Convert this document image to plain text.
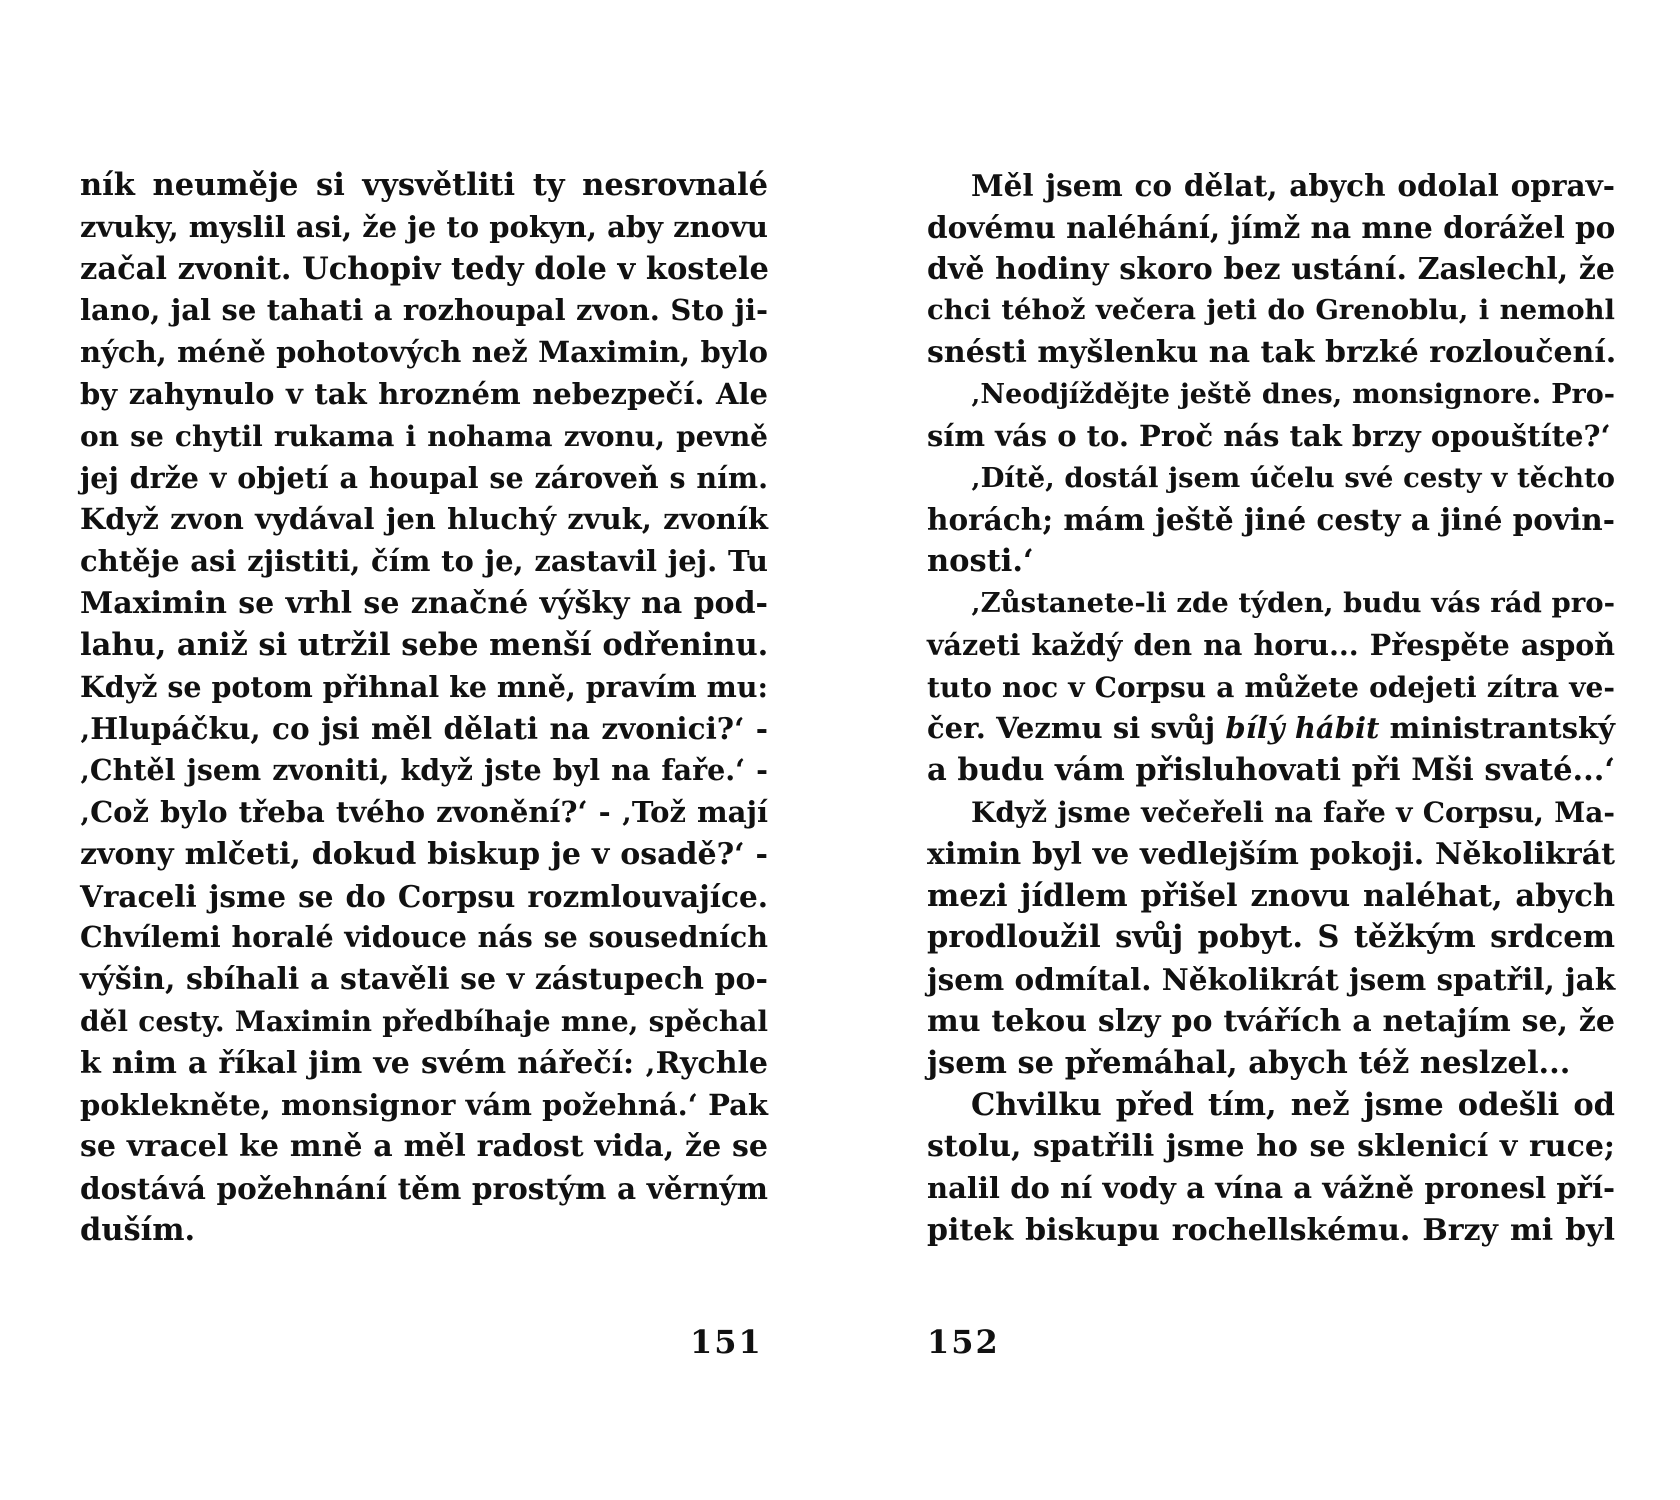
ník neuměje si vysvětliti ty nesrovnalé
zvuky, myslil asi, že je to pokyn, aby znovu
začal zvonit. Uchopiv tedy dole v kostele
lano, jal se tahati a rozhoupal zvon. Sto ji-
ných, méně pohotových než Maximin, bylo
by zahynulo v tak hrozném nebezpečí. Ale
on se chytil rukama i nohama zvonu, pevně
jej drže v objetí a houpal se zároveň s ním.
Když zvon vydával jen hluchý zvuk, zvoník
chtěje asi zjistiti, čím to je, zastavil jej. Tu
Maximin se vrhl se značné výšky na pod-
lahu, aniž si utržil sebe menší odřeninu.
Když se potom přihnal ke mně, pravím mu:
‚Hlupáčku, co jsi měl dělati na zvonici?‘ -
‚Chtěl jsem zvoniti, když jste byl na faře.‘ -
‚Což bylo třeba tvého zvonění?‘ - ‚Tož mají
zvony mlčeti, dokud biskup je v osadě?‘ -
Vraceli jsme se do Corpsu rozmlouvajíce.
Chvílemi horalé vidouce nás se sousedních
výšin, sbíhali a stavěli se v zástupech po-
děl cesty. Maximin předbíhaje mne, spěchal
k nim a říkal jim ve svém nářečí: ‚Rychle
poklekněte, monsignor vám požehná.‘ Pak
se vracel ke mně a měl radost vida, že se
dostává požehnání těm prostým a věrným
duším.
151
Měl jsem co dělat, abych odolal oprav-
dovému naléhání, jímž na mne dorážel po
dvě hodiny skoro bez ustání. Zaslechl, že
chci téhož večera jeti do Grenoblu, i nemohl
snésti myšlenku na tak brzké rozloučení.
‚Neodjíždějte ještě dnes, monsignore. Pro-
sím vás o to. Proč nás tak brzy opouštíte?‘
‚Dítě, dostál jsem účelu své cesty v těchto
horách; mám ještě jiné cesty a jiné povin-
nosti.‘
‚Zůstanete-li zde týden, budu vás rád pro-
vázeti každý den na horu... Přespěte aspoň
tuto noc v Corpsu a můžete odejeti zítra ve-
čer. Vezmu si svůj bílý hábit ministrantský
a budu vám přisluhovati při Mši svaté...‘
Když jsme večeřeli na faře v Corpsu, Ma-
ximin byl ve vedlejším pokoji. Několikrát
mezi jídlem přišel znovu naléhat, abych
prodloužil svůj pobyt. S těžkým srdcem
jsem odmítal. Několikrát jsem spatřil, jak
mu tekou slzy po tvářích a netajím se, že
jsem se přemáhal, abych též neslzel...
Chvilku před tím, než jsme odešli od
stolu, spatřili jsme ho se sklenicí v ruce;
nalil do ní vody a vína a vážně pronesl pří-
pitek biskupu rochellskému. Brzy mi byl
152
